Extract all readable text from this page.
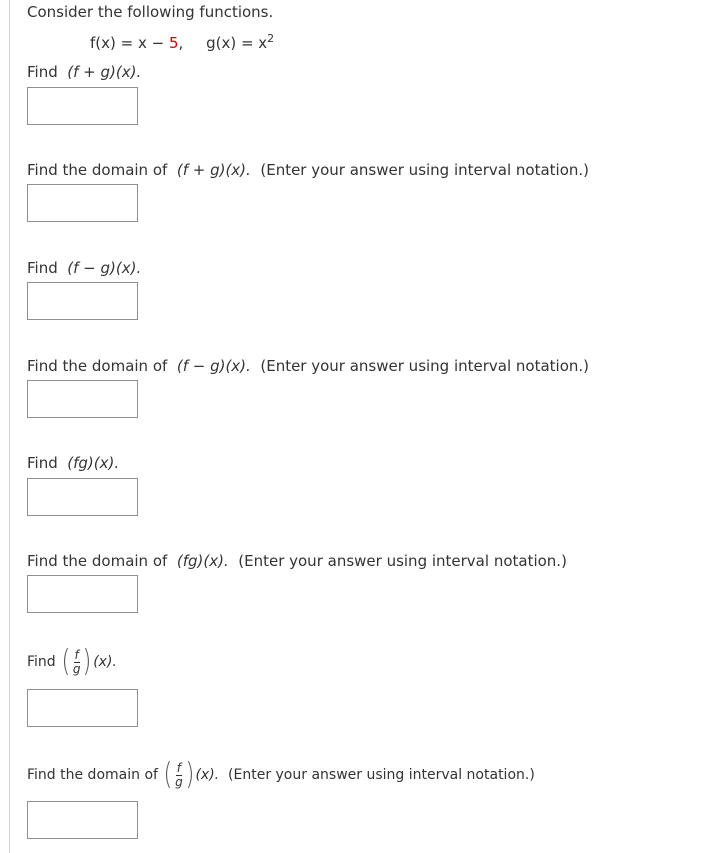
Consider the following functions.
f(x) = x − 5, $g(x) = x^2$
Find (f + g)(x).
Find the domain of (f + g)(x). (Enter your answer using interval notation.)
Find (f − g)(x).
Find the domain of (f − g)(x). (Enter your answer using interval notation.)
Find (fg)(x).
Find the domain of (fg)(x). (Enter your answer using interval notation.)
Find ( $\frac{f}{g}$ ) (x).
Find the domain of ( $\frac{f}{g}$ ) (x). (Enter your answer using interval notation.)
